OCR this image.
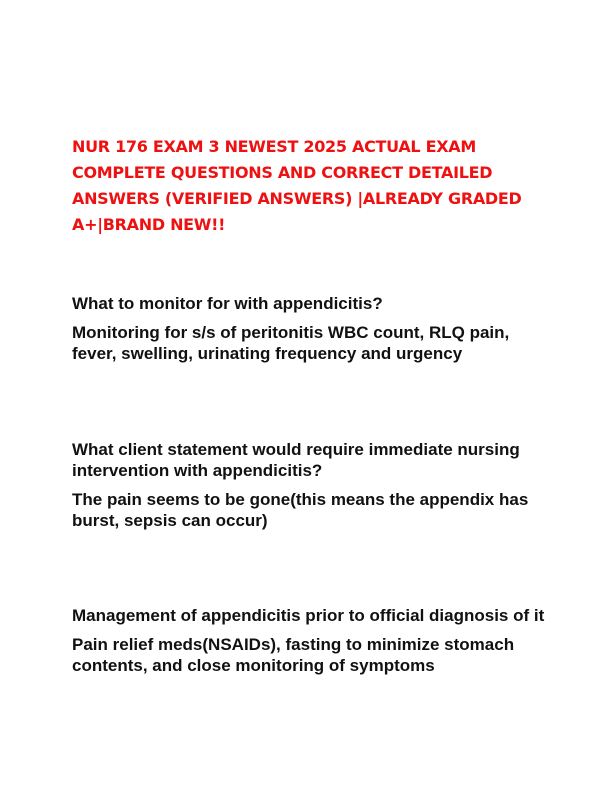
NUR 176 EXAM 3 NEWEST 2025 ACTUAL EXAM COMPLETE QUESTIONS AND CORRECT DETAILED ANSWERS (VERIFIED ANSWERS) |ALREADY GRADED A+|BRAND NEW!!

What to monitor for with appendicitis?

Monitoring for s/s of peritonitis WBC count, RLQ pain, fever, swelling, urinating frequency and urgency

What client statement would require immediate nursing intervention with appendicitis?

The pain seems to be gone(this means the appendix has burst, sepsis can occur)

Management of appendicitis prior to official diagnosis of it

Pain relief meds(NSAIDs), fasting to minimize stomach contents, and close monitoring of symptoms
